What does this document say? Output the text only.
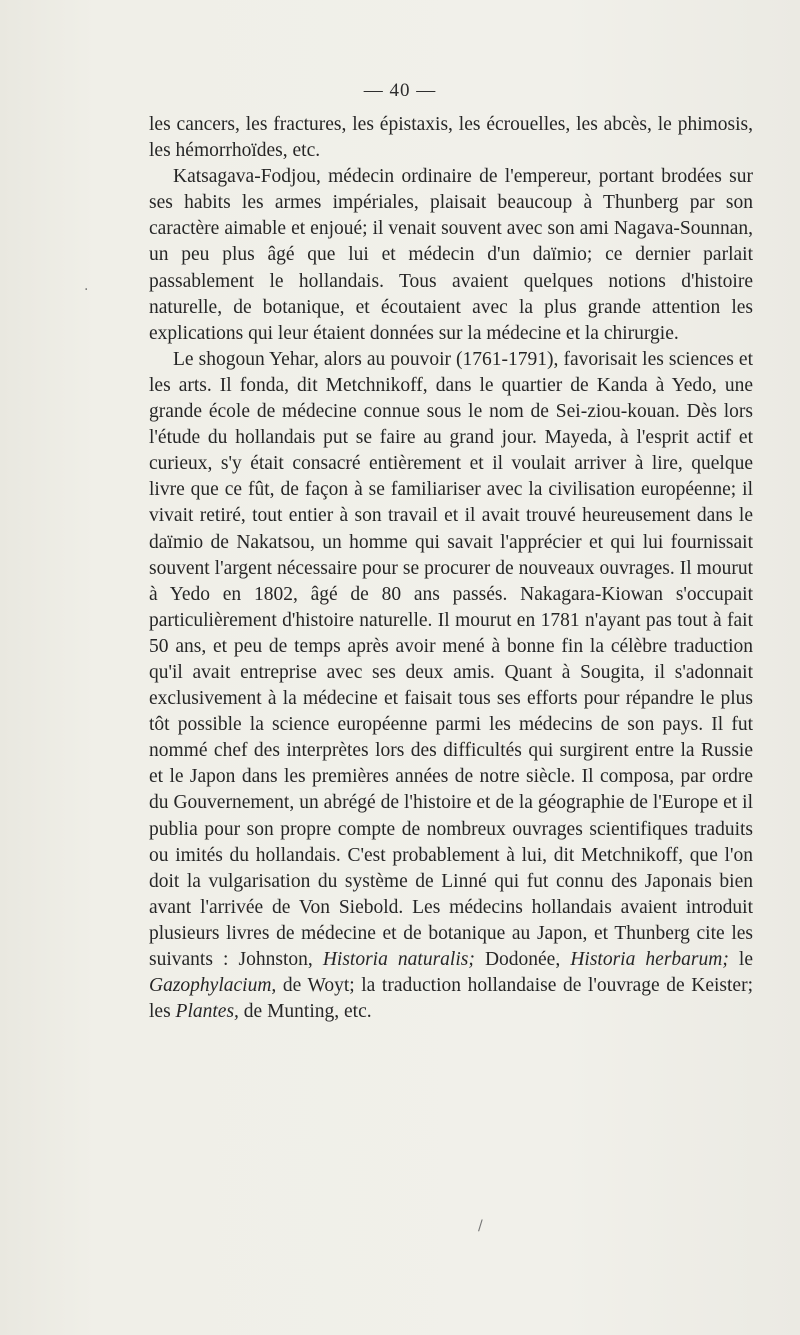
— 40 —

les cancers, les fractures, les épistaxis, les écrouelles, les abcès, le phimosis, les hémorrhoïdes, etc.

Katsagava-Fodjou, médecin ordinaire de l'empereur, portant brodées sur ses habits les armes impériales, plaisait beaucoup à Thunberg par son caractère aimable et enjoué; il venait souvent avec son ami Nagava-Sounnan, un peu plus âgé que lui et médecin d'un daïmio; ce dernier parlait passablement le hollandais. Tous avaient quelques notions d'histoire naturelle, de botanique, et écoutaient avec la plus grande attention les explications qui leur étaient données sur la médecine et la chirurgie.

Le shogoun Yehar, alors au pouvoir (1761-1791), favorisait les sciences et les arts. Il fonda, dit Metchnikoff, dans le quartier de Kanda à Yedo, une grande école de médecine connue sous le nom de Sei-ziou-kouan. Dès lors l'étude du hollandais put se faire au grand jour. Mayeda, à l'esprit actif et curieux, s'y était consacré entièrement et il voulait arriver à lire, quelque livre que ce fût, de façon à se familiariser avec la civilisation européenne; il vivait retiré, tout entier à son travail et il avait trouvé heureusement dans le daïmio de Nakatsou, un homme qui savait l'apprécier et qui lui fournissait souvent l'argent nécessaire pour se procurer de nouveaux ouvrages. Il mourut à Yedo en 1802, âgé de 80 ans passés. Nakagara-Kiowan s'occupait particulièrement d'histoire naturelle. Il mourut en 1781 n'ayant pas tout à fait 50 ans, et peu de temps après avoir mené à bonne fin la célèbre traduction qu'il avait entreprise avec ses deux amis. Quant à Sougita, il s'adonnait exclusivement à la médecine et faisait tous ses efforts pour répandre le plus tôt possible la science européenne parmi les médecins de son pays. Il fut nommé chef des interprètes lors des difficultés qui surgirent entre la Russie et le Japon dans les premières années de notre siècle. Il composa, par ordre du Gouvernement, un abrégé de l'histoire et de la géographie de l'Europe et il publia pour son propre compte de nombreux ouvrages scientifiques traduits ou imités du hollandais. C'est probablement à lui, dit Metchnikoff, que l'on doit la vulgarisation du système de Linné qui fut connu des Japonais bien avant l'arrivée de Von Siebold. Les médecins hollandais avaient introduit plusieurs livres de médecine et de botanique au Japon, et Thunberg cite les suivants : Johnston, Historia naturalis; Dodonée, Historia herbarum; le Gazophylacium, de Woyt; la traduction hollandaise de l'ouvrage de Keister; les Plantes, de Munting, etc.

·
/
